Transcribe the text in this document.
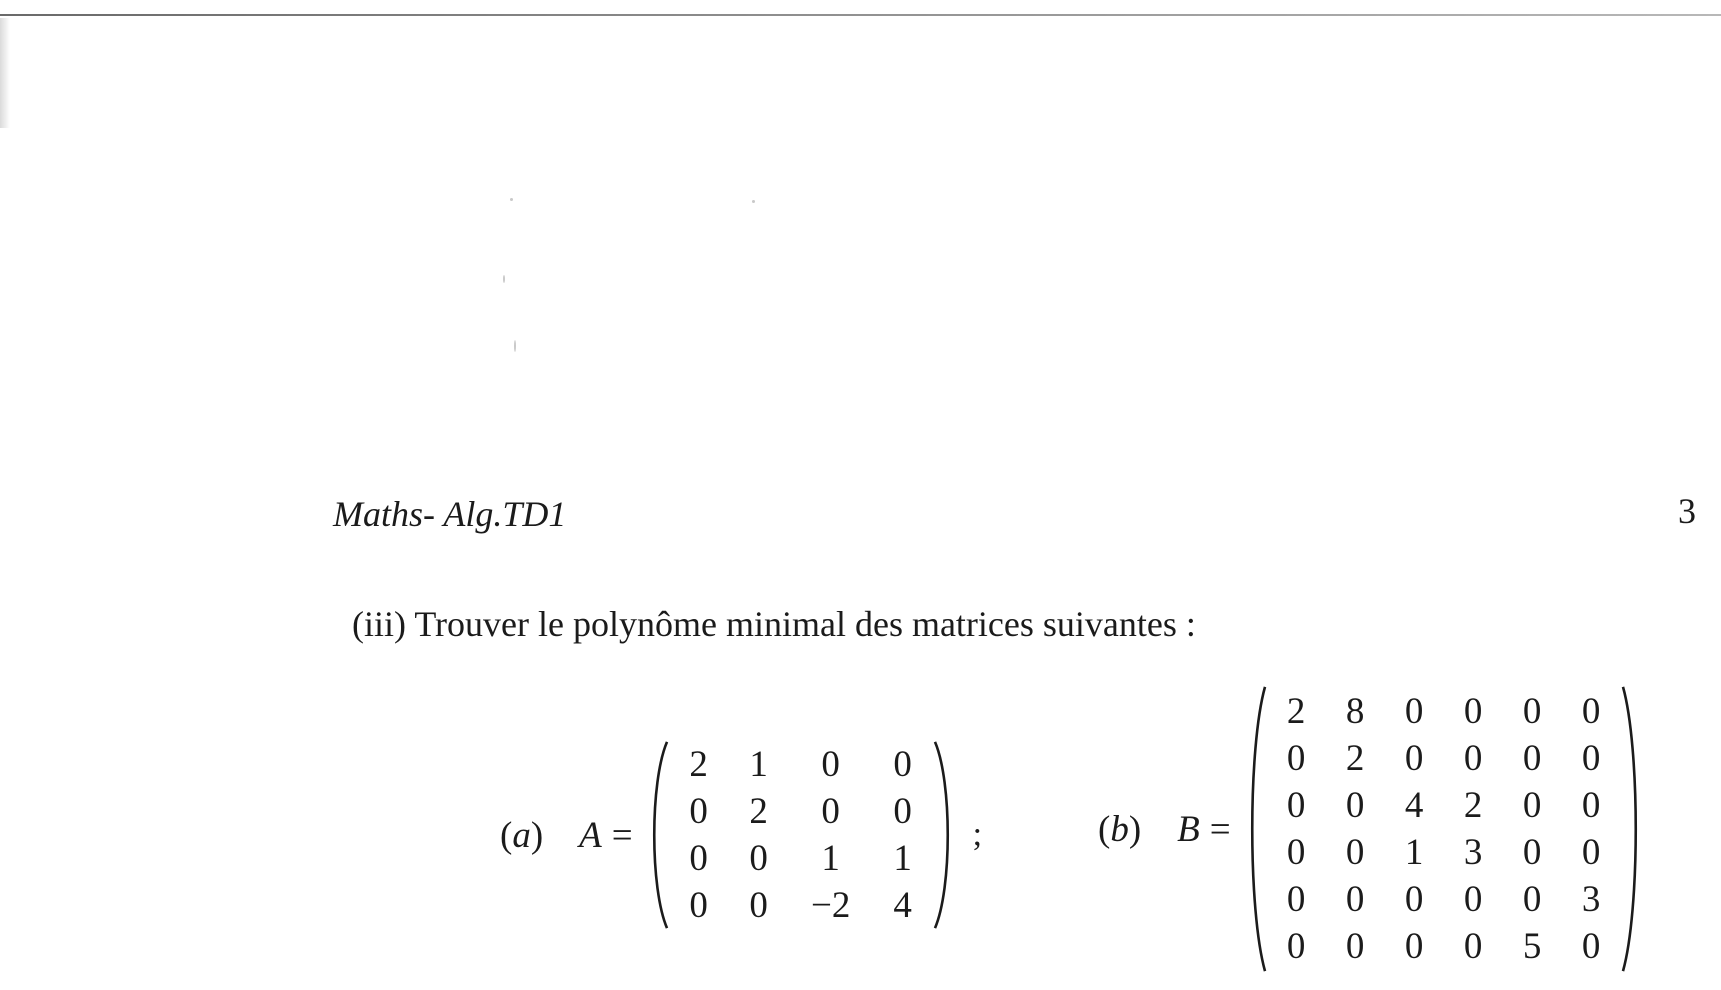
Maths- Alg.TD1	3
(iii) Trouver le polynôme minimal des matrices suivantes :
(a) A =
2	1	0	0
0	2	0	0
0	0	1	1
0	0	−2	4
;	(b) B =
2	8	0	0	0	0
0	2	0	0	0	0
0	0	4	2	0	0
0	0	1	3	0	0
0	0	0	0	0	3
0	0	0	0	5	0
